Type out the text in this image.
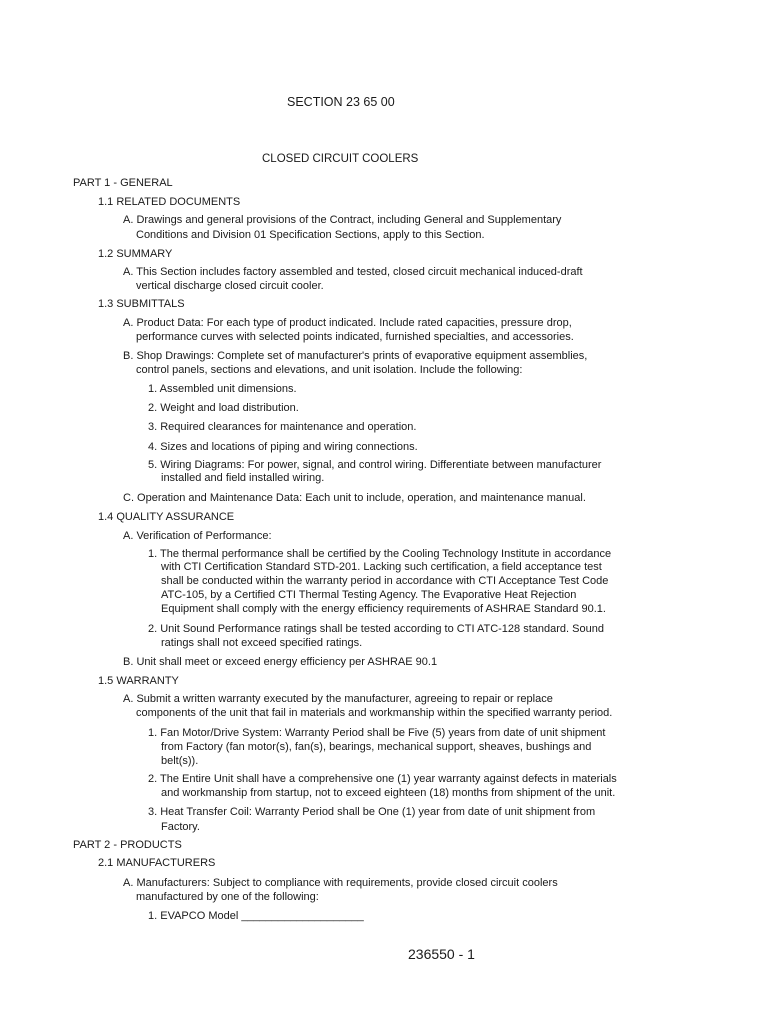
SECTION 23 65 00
CLOSED CIRCUIT COOLERS
PART 1 - GENERAL
1.1 RELATED DOCUMENTS
A. Drawings and general provisions of the Contract, including General and Supplementary
Conditions and Division 01 Specification Sections, apply to this Section.
1.2 SUMMARY
A. This Section includes factory assembled and tested, closed circuit mechanical induced-draft
vertical discharge closed circuit cooler.
1.3 SUBMITTALS
A. Product Data: For each type of product indicated. Include rated capacities, pressure drop,
performance curves with selected points indicated, furnished specialties, and accessories.
B. Shop Drawings: Complete set of manufacturer's prints of evaporative equipment assemblies,
control panels, sections and elevations, and unit isolation. Include the following:
1. Assembled unit dimensions.
2. Weight and load distribution.
3. Required clearances for maintenance and operation.
4. Sizes and locations of piping and wiring connections.
5. Wiring Diagrams: For power, signal, and control wiring. Differentiate between manufacturer
installed and field installed wiring.
C. Operation and Maintenance Data: Each unit to include, operation, and maintenance manual.
1.4 QUALITY ASSURANCE
A. Verification of Performance:
1. The thermal performance shall be certified by the Cooling Technology Institute in accordance
with CTI Certification Standard STD-201. Lacking such certification, a field acceptance test
shall be conducted within the warranty period in accordance with CTI Acceptance Test Code
ATC-105, by a Certified CTI Thermal Testing Agency. The Evaporative Heat Rejection
Equipment shall comply with the energy efficiency requirements of ASHRAE Standard 90.1.
2. Unit Sound Performance ratings shall be tested according to CTI ATC-128 standard. Sound
ratings shall not exceed specified ratings.
B. Unit shall meet or exceed energy efficiency per ASHRAE 90.1
1.5 WARRANTY
A. Submit a written warranty executed by the manufacturer, agreeing to repair or replace
components of the unit that fail in materials and workmanship within the specified warranty period.
1. Fan Motor/Drive System: Warranty Period shall be Five (5) years from date of unit shipment
from Factory (fan motor(s), fan(s), bearings, mechanical support, sheaves, bushings and
belt(s)).
2. The Entire Unit shall have a comprehensive one (1) year warranty against defects in materials
and workmanship from startup, not to exceed eighteen (18) months from shipment of the unit.
3. Heat Transfer Coil: Warranty Period shall be One (1) year from date of unit shipment from
Factory.
PART 2 - PRODUCTS
2.1 MANUFACTURERS
A. Manufacturers: Subject to compliance with requirements, provide closed circuit coolers
manufactured by one of the following:
1. EVAPCO Model ____________________
236550 - 1
